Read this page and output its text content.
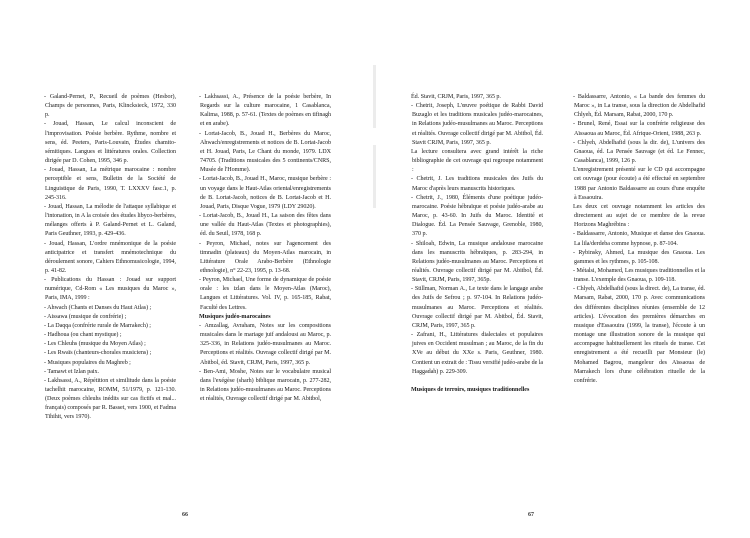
- Galand-Pernet, P., Recueil de poèmes (Hesbor), Champs de personnes, Paris, Klincksieck, 1972, 330 p.

- Jouad, Hassan, Le calcul inconscient de l'improvisation. Poésie berbère. Rythme, nombre et sens, éd. Peeters, Paris-Louvain, Études chamito-sémitiques. Langues et littératures orales. Collection dirigée par D. Cohen, 1995, 346 p.

- Jouad, Hassan, La métrique marocaine : nombre perceptible et sens, Bulletin de la Société de Linguistique de Paris, 1990, T. LXXXV fasc.1, p. 245-316.

- Jouad, Hassan, La mélodie de l'attaque syllabique et l'intonation, in A la croisée des études libyco-berbères, mélanges offerts à P. Galand-Pernet et L. Galand, Paris Geuthner, 1993, p. 429-436.

- Jouad, Hassan, L'ordre mnémonique de la poésie anticipatrice et transfert mnémotechnique du déroulement sonore, Cahiers Ethnomusicologie, 1994, p. 41-82.

- Publications du Hassan : Jouad sur support numérique, Cd-Rom « Les musiques du Maroc », Paris, IMA, 1999 :

- Ahwach (Chants et Danses du Haut Atlas) ;

- Aissawa (musique de confrérie) ;

- La Daqqa (confrérie rurale de Marrakech) ;

- Hadhoua (ou chant mystique) ;

- Les Chleuhs (musique du Moyen Atlas) ;

- Les Rwaïs (chanteurs-chorales musiciens) ;

- Musiques populaires du Maghreb ;

- Tamawt et Izlan paix.

- Lakhsassi, A., Répétition et similitude dans la poésie tachelhit marocaine, ROMM, 51/1979, p. 121-130. (Deux poèmes chleuhs inédits sur cas fictifs et mal... français) composés par R. Basset, vers 1900, et Fadma Tihihit, vers 1970).

- Lakhsassi, A., Présence de la poésie berbère, In Regards sur la culture marocaine, 1 Casablanca, Kalima, 1988, p. 57-61. (Textes de poèmes en tifinagh et en arabe).

- Lortat-Jacob, B., Jouad H., Berbères du Maroc, Ahwach/enregistrements et notices de B. Lortat-Jacob et H. Jouad, Paris, Le Chant du monde, 1979. LDX 74705. (Traditions musicales des 5 continents/CNRS, Musée de l'Homme).

- Lortat-Jacob, B., Jouad H., Maroc, musique berbère : un voyage dans le Haut-Atlas oriental/enregistrements de B. Lortat-Jacob, notices de B. Lortat-Jacob et H. Jouad, Paris, Disque Vogue, 1979 (LDY 29020).

- Lortat-Jacob, B., Jouad H., La saison des fêtes dans une vallée du Haut-Atlas (Textes et photographies), éd. du Seuil, 1978, 168 p.

- Peyron, Michael, notes sur l'agencement des timnadin (plateaux) du Moyen-Atlas marocain, in Littérature Orale Arabo-Berbère (Ethnologie ethnologie), n° 22-23, 1995, p. 13-68.

- Peyron, Michael, Une forme de dynamique de poésie orale : les izlan dans le Moyen-Atlas (Maroc), Langues et Littératures. Vol. IV, p. 165-185, Rabat, Faculté des Lettres.

Musiques judéo-marocaines

- Amzallag, Avraham, Notes sur les compositions musicales dans le mariage juif andalousi au Maroc, p. 325-336, in Relations judéo-musulmanes au Maroc. Perceptions et réalités. Ouvrage collectif dirigé par M. Abitbol, éd. Stavit, CRJM, Paris, 1997, 365 p.

- Ben-Ami, Moshe, Notes sur le vocabulaire musical dans l'exégèse (sharh) biblique marocain, p. 277-282, in Relations judéo-musulmanes au Maroc. Perceptions et réalités, Ouvrage collectif dirigé par M. Abitbol,

66

Éd. Stavit, CRJM, Paris, 1997, 365 p.

- Chetrit, Joseph, L'œuvre poétique de Rabbi David Buzaglo et les traditions musicales judéo-marocaines, in Relations judéo-musulmanes au Maroc. Perceptions et réalités. Ouvrage collectif dirigé par M. Abitbol, Éd. Stavit CRJM, Paris, 1997, 365 p.

La lecture consultera avec grand intérêt la riche bibliographie de cet ouvrage qui regroupe notamment :

- Chetrit, J. Les traditions musicales des Juifs du Maroc d'après leurs manuscrits historiques.

- Chetrit, J., 1980, Éléments d'une poétique judéo-marocaine. Poésie hébraïque et poésie judéo-arabe au Maroc, p. 43-60. In Juifs du Maroc. Identité et Dialogue. Éd. La Pensée Sauvage, Grenoble, 1980, 370 p.

- Shiloah, Edwin, La musique andalouse marocaine dans les manuscrits hébraïques, p. 283-294, in Relations judéo-musulmanes au Maroc. Perceptions et réalités. Ouvrage collectif dirigé par M. Abitbol, Éd. Stavit, CRJM, Paris, 1997, 365p.

- Stillman, Norman A., Le texte dans le langage arabe des Juifs de Sefrou ; p. 97-104. In Relations judéo-musulmanes au Maroc. Perceptions et réalités. Ouvrage collectif dirigé par M. Abitbol, Éd. Stavit, CRJM, Paris, 1997, 365 p.

- Zafrani, H., Littératures dialectales et populaires juives en Occident musulman ; au Maroc, de la fin du XVe au début du XXe s. Paris, Geuthner, 1980. Contient un extrait de : Tissu versifié judéo-arabe de la Haggadah) p. 229-309.

Musiques de terroirs, musiques traditionnelles

- Baldassarre, Antonio, « La bande des femmes du Maroc », in La transe, sous la direction de Abdelhafid Chlyeh, Éd. Marsam, Rabat, 2000, 170 p.

- Brunel, René, Essai sur la confrérie religieuse des Aïssaoua au Maroc, Éd. Afrique-Orient, 1988, 263 p.

- Chlyeh, Abdelhafid (sous la dir. de), L'univers des Gnaoua, éd. La Pensée Sauvage (et éd. Le Fennec, Casablanca), 1999, 126 p.

L'enregistrement présenté sur le CD qui accompagne cet ouvrage (pour écoute) a été effectué en septembre 1988 par Antonio Baldassarre au cours d'une enquête à Essaouira.

Les deux cet ouvrage notamment les articles des directement au sujet de ce membre de la revue Horizons Maghrébins :

- Baldassarre, Antonio, Musique et danse des Gnaoua. La lila/derdeba comme hypnose, p. 87-104.

- Rybinsky, Ahmed, La musique des Gnaoua. Les gammes et les rythmes, p. 105-108.

- Métalsi, Mohamed, Les musiques traditionnelles et la transe. L'exemple des Gnaoua, p. 109-118.

- Chlyeh, Abdelhafid (sous la direct. de), La transe, éd. Marsam, Rabat, 2000, 170 p. Avec communications des différentes disciplines réunies (ensemble de 12 articles). L'évocation des premières démarches en musique d'Essaouira (1999, la transe), l'écoute à un montage une illustration sonore de la musique qui accompagne habituellement les rituels de transe. Cet enregistrement a été recueilli par Monsieur (le) Mohamed Bagrou, mangeleur des Aïssaoua de Marrakech lors d'une célébration rituelle de la confrérie.

67
